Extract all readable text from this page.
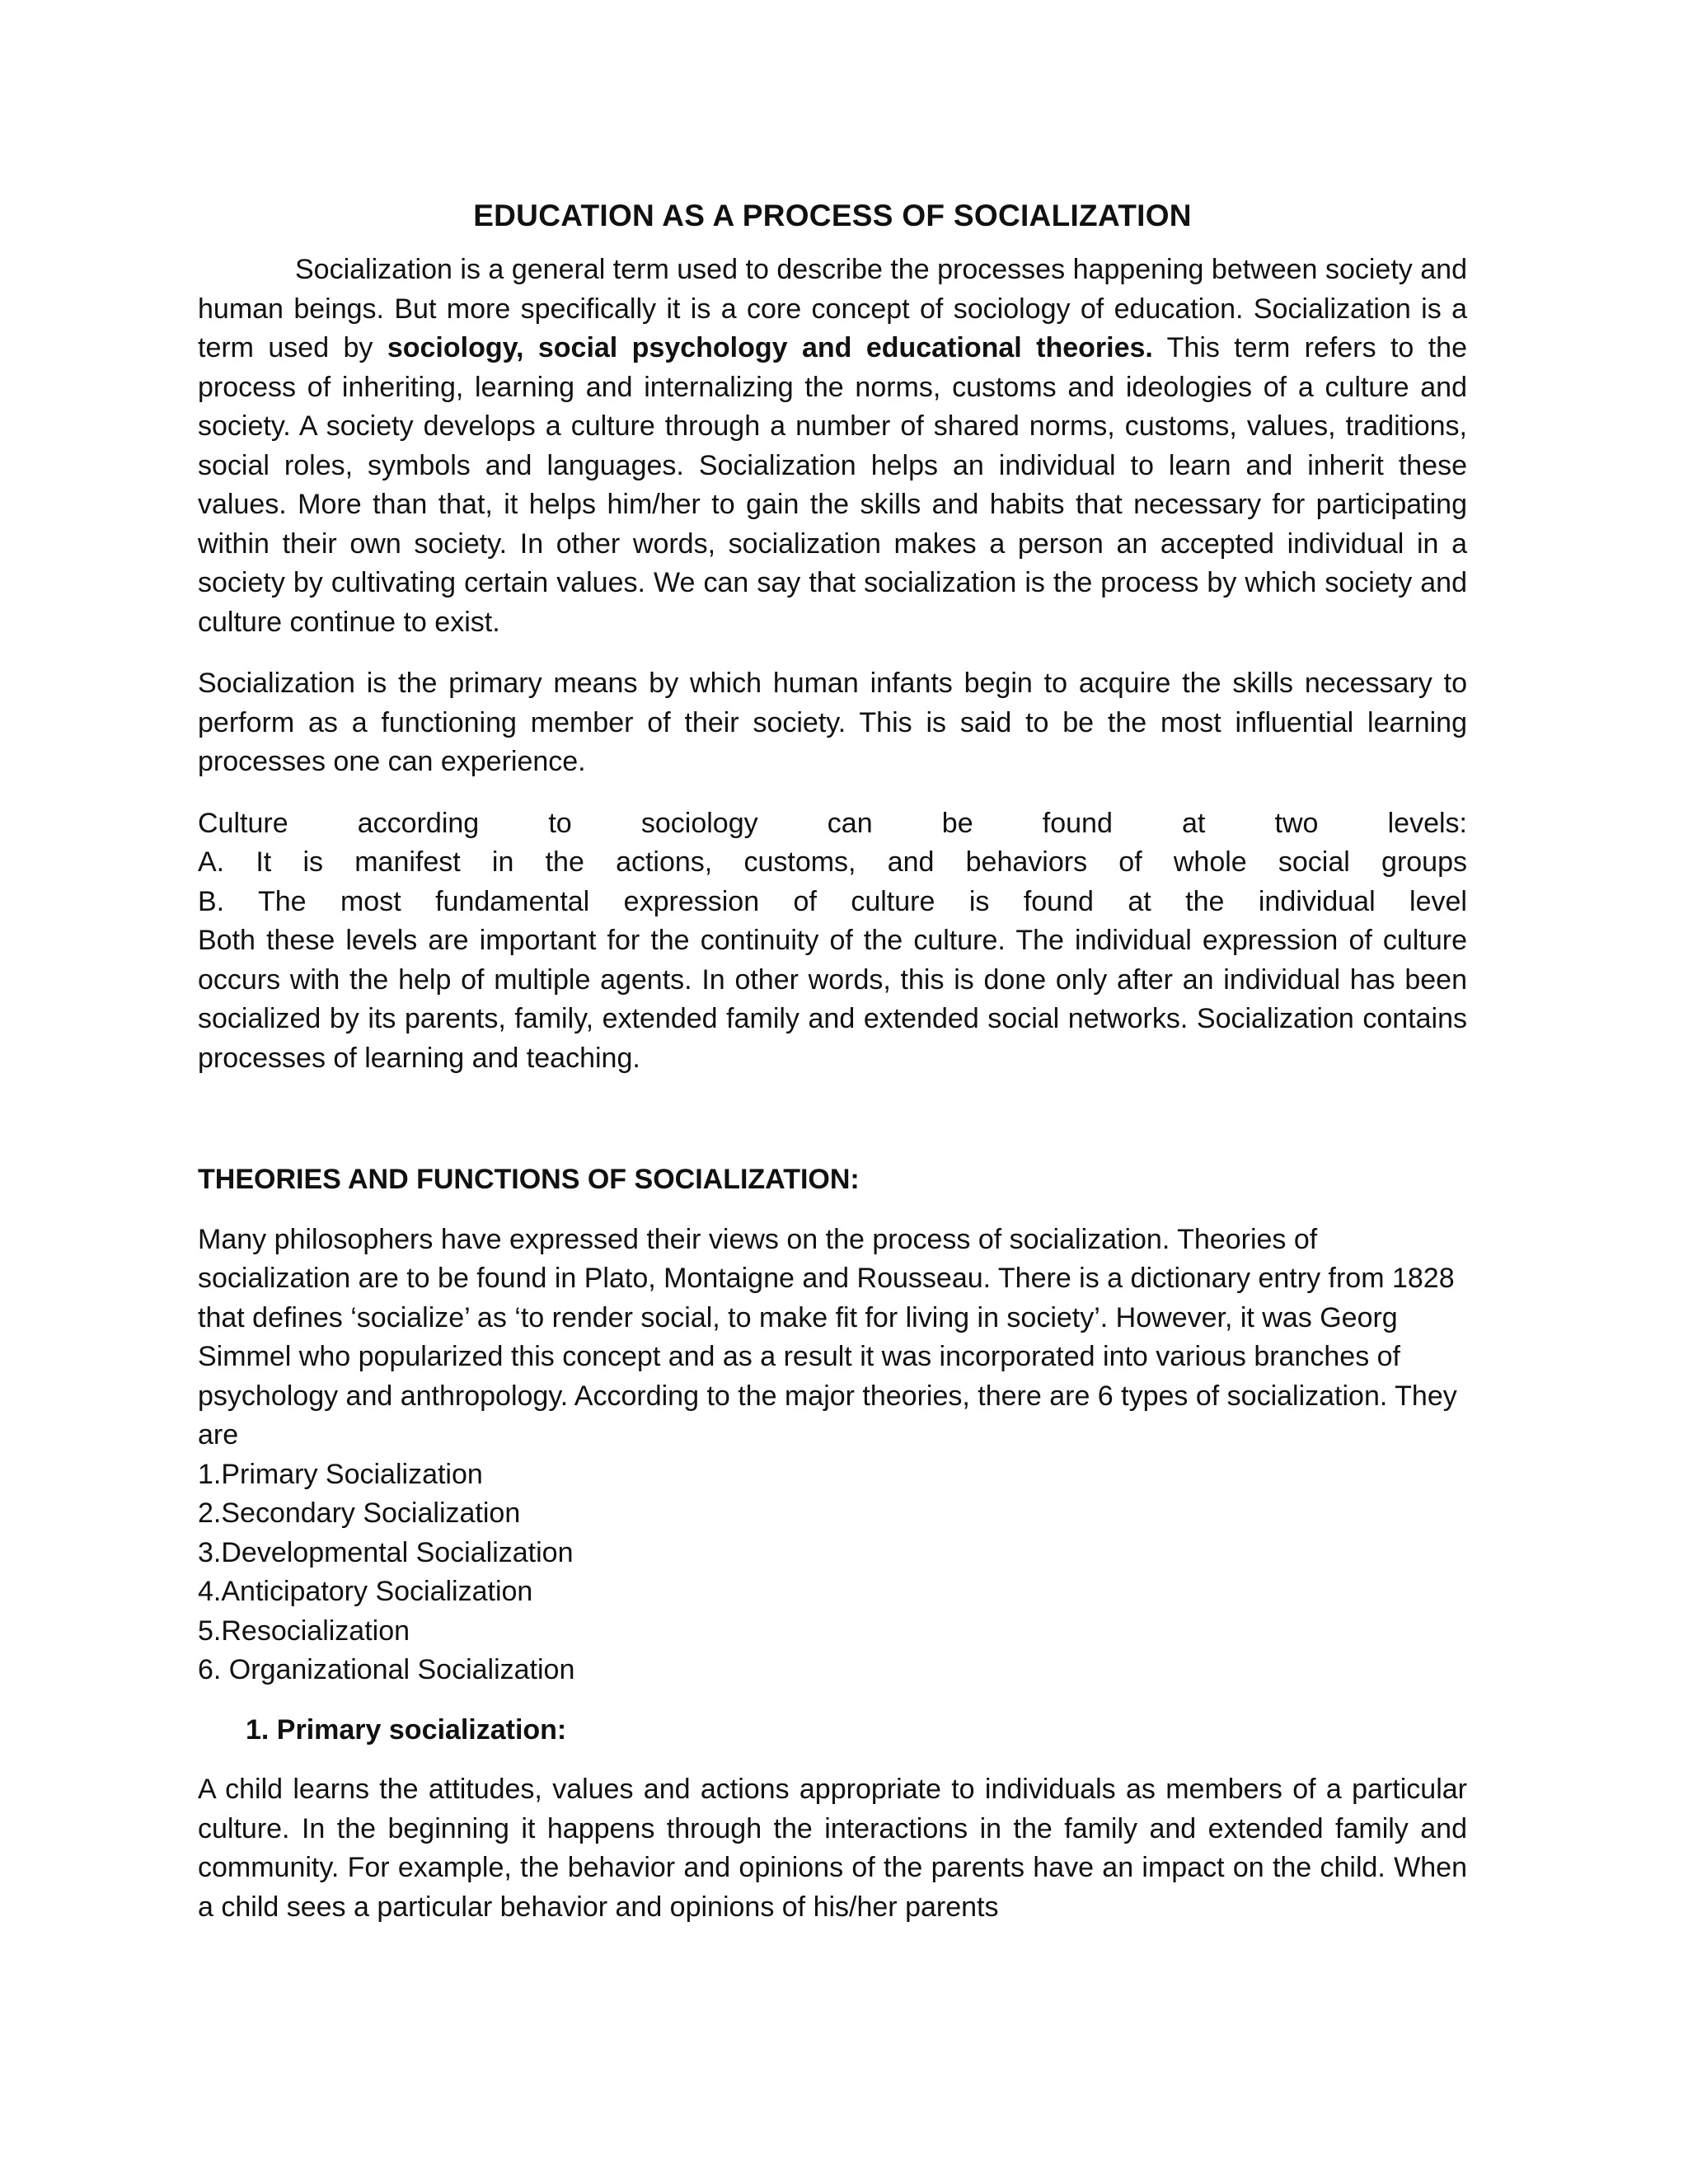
EDUCATION AS A PROCESS OF SOCIALIZATION

Socialization is a general term used to describe the processes happening between society and human beings. But more specifically it is a core concept of sociology of education. Socialization is a term used by sociology, social psychology and educational theories. This term refers to the process of inheriting, learning and internalizing the norms, customs and ideologies of a culture and society. A society develops a culture through a number of shared norms, customs, values, traditions, social roles, symbols and languages. Socialization helps an individual to learn and inherit these values. More than that, it helps him/her to gain the skills and habits that necessary for participating within their own society. In other words, socialization makes a person an accepted individual in a society by cultivating certain values. We can say that socialization is the process by which society and culture continue to exist.

Socialization is the primary means by which human infants begin to acquire the skills necessary to perform as a functioning member of their society. This is said to be the most influential learning processes one can experience.

Culture according to sociology can be found at two levels:

A. It is manifest in the actions, customs, and behaviors of whole social groups

B. The most fundamental expression of culture is found at the individual level

Both these levels are important for the continuity of the culture. The individual expression of culture occurs with the help of multiple agents. In other words, this is done only after an individual has been socialized by its parents, family, extended family and extended social networks. Socialization contains processes of learning and teaching.

THEORIES AND FUNCTIONS OF SOCIALIZATION:

Many philosophers have expressed their views on the process of socialization. Theories of socialization are to be found in Plato, Montaigne and Rousseau. There is a dictionary entry from 1828 that defines ‘socialize’ as ‘to render social, to make fit for living in society’. However, it was Georg Simmel who popularized this concept and as a result it was incorporated into various branches of psychology and anthropology. According to the major theories, there are 6 types of socialization. They are

1.Primary Socialization
2.Secondary Socialization
3.Developmental Socialization
4.Anticipatory Socialization
5.Resocialization
6. Organizational Socialization
1. Primary socialization:

A child learns the attitudes, values and actions appropriate to individuals as members of a particular culture. In the beginning it happens through the interactions in the family and extended family and community. For example, the behavior and opinions of the parents have an impact on the child. When a child sees a particular behavior and opinions of his/her parents
